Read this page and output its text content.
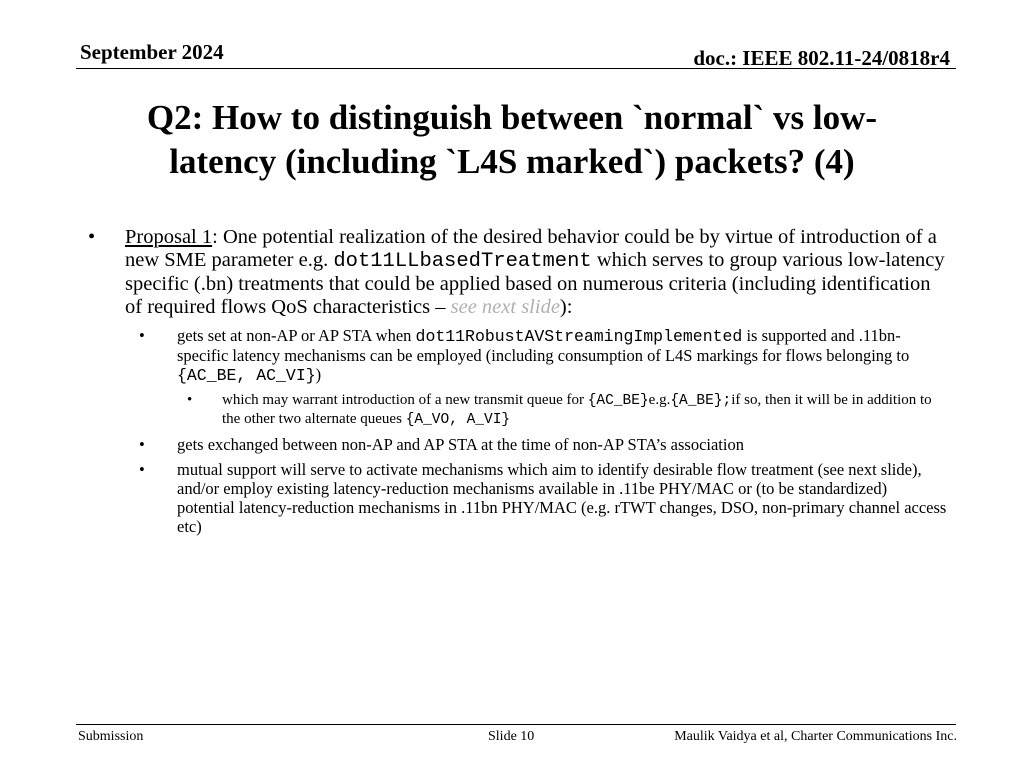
September 2024	doc.: IEEE 802.11-24/0818r4
Q2: How to distinguish between `normal` vs low-
latency (including `L4S marked`) packets? (4)
• Proposal 1: One potential realization of the desired behavior could be by virtue of introduction of a new SME parameter e.g. dot11LLbasedTreatment which serves to group various low-latency specific (.bn) treatments that could be applied based on numerous criteria (including identification of required flows QoS characteristics – see next slide):
• gets set at non-AP or AP STA when dot11RobustAVStreamingImplemented is supported and .11bn-specific latency mechanisms can be employed (including consumption of L4S markings for flows belonging to {AC_BE, AC_VI})
• which may warrant introduction of a new transmit queue for {AC_BE}e.g.{A_BE};if so, then it will be in addition to the other two alternate queues {A_VO, A_VI}
• gets exchanged between non-AP and AP STA at the time of non-AP STA’s association
• mutual support will serve to activate mechanisms which aim to identify desirable flow treatment (see next slide), and/or employ existing latency-reduction mechanisms available in .11be PHY/MAC or (to be standardized) potential latency-reduction mechanisms in .11bn PHY/MAC (e.g. rTWT changes, DSO, non-primary channel access etc)
Submission	Slide 10	Maulik Vaidya et al, Charter Communications Inc.
